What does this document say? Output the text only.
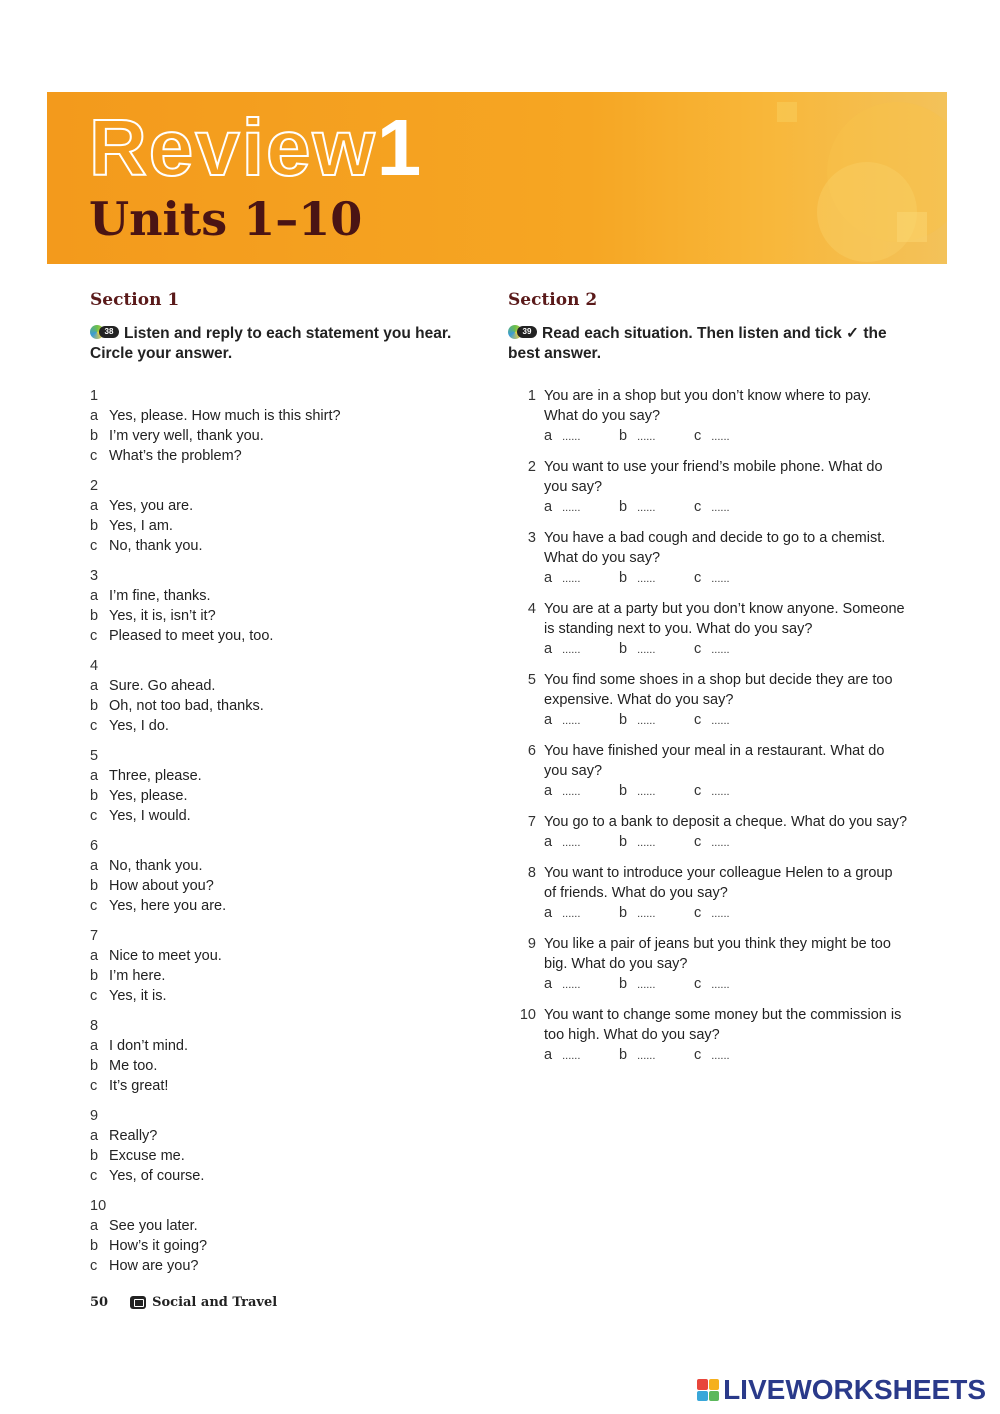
Review1
Units 1–10
Section 1
38 Listen and reply to each statement you hear. Circle your answer.
1
a Yes, please. How much is this shirt?
b I’m very well, thank you.
c What’s the problem?
2
a Yes, you are.
b Yes, I am.
c No, thank you.
3
a I’m fine, thanks.
b Yes, it is, isn’t it?
c Pleased to meet you, too.
4
a Sure. Go ahead.
b Oh, not too bad, thanks.
c Yes, I do.
5
a Three, please.
b Yes, please.
c Yes, I would.
6
a No, thank you.
b How about you?
c Yes, here you are.
7
a Nice to meet you.
b I’m here.
c Yes, it is.
8
a I don’t mind.
b Me too.
c It’s great!
9
a Really?
b Excuse me.
c Yes, of course.
10
a See you later.
b How’s it going?
c How are you?
Section 2
39 Read each situation. Then listen and tick ✓ the best answer.
1 You are in a shop but you don’t know where to pay. What do you say?
a ......	b ......	c ......
2 You want to use your friend’s mobile phone. What do you say?
a ......	b ......	c ......
3 You have a bad cough and decide to go to a chemist. What do you say?
a ......	b ......	c ......
4 You are at a party but you don’t know anyone. Someone is standing next to you. What do you say?
a ......	b ......	c ......
5 You find some shoes in a shop but decide they are too expensive. What do you say?
a ......	b ......	c ......
6 You have finished your meal in a restaurant. What do you say?
a ......	b ......	c ......
7 You go to a bank to deposit a cheque. What do you say?
a ......	b ......	c ......
8 You want to introduce your colleague Helen to a group of friends. What do you say?
a ......	b ......	c ......
9 You like a pair of jeans but you think they might be too big. What do you say?
a ......	b ......	c ......
10 You want to change some money but the commission is too high. What do you say?
a ......	b ......	c ......
50	Social and Travel
LIVEWORKSHEETS
